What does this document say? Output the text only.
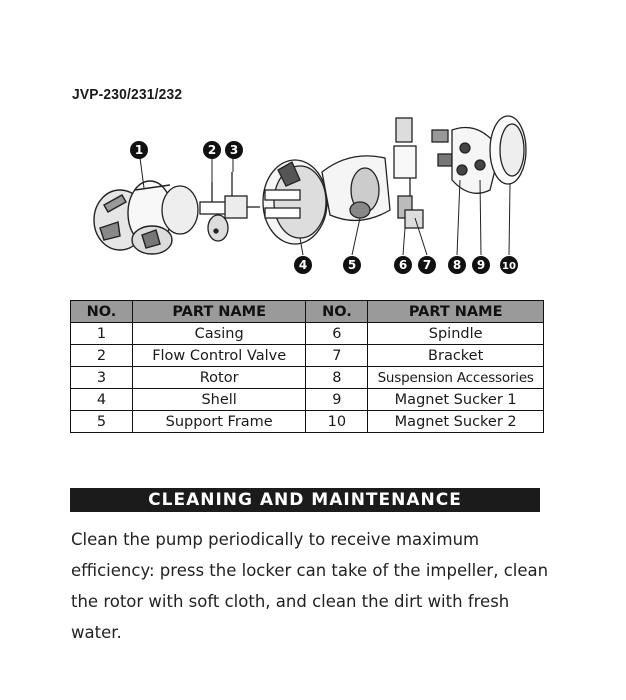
JVP-230/231/232
1	2 3
4	5	6 7 8 9 10
NO.	PART NAME	NO.	PART NAME
1	Casing	6	Spindle
2	Flow Control Valve	7	Bracket
3	Rotor	8	Suspension Accessories
4	Shell	9	Magnet Sucker 1
5	Support Frame	10	Magnet Sucker 2
CLEANING AND MAINTENANCE

Clean the pump periodically to receive maximum efficiency: press the locker can take of the impeller, clean the rotor with soft cloth, and clean the dirt with fresh water.
